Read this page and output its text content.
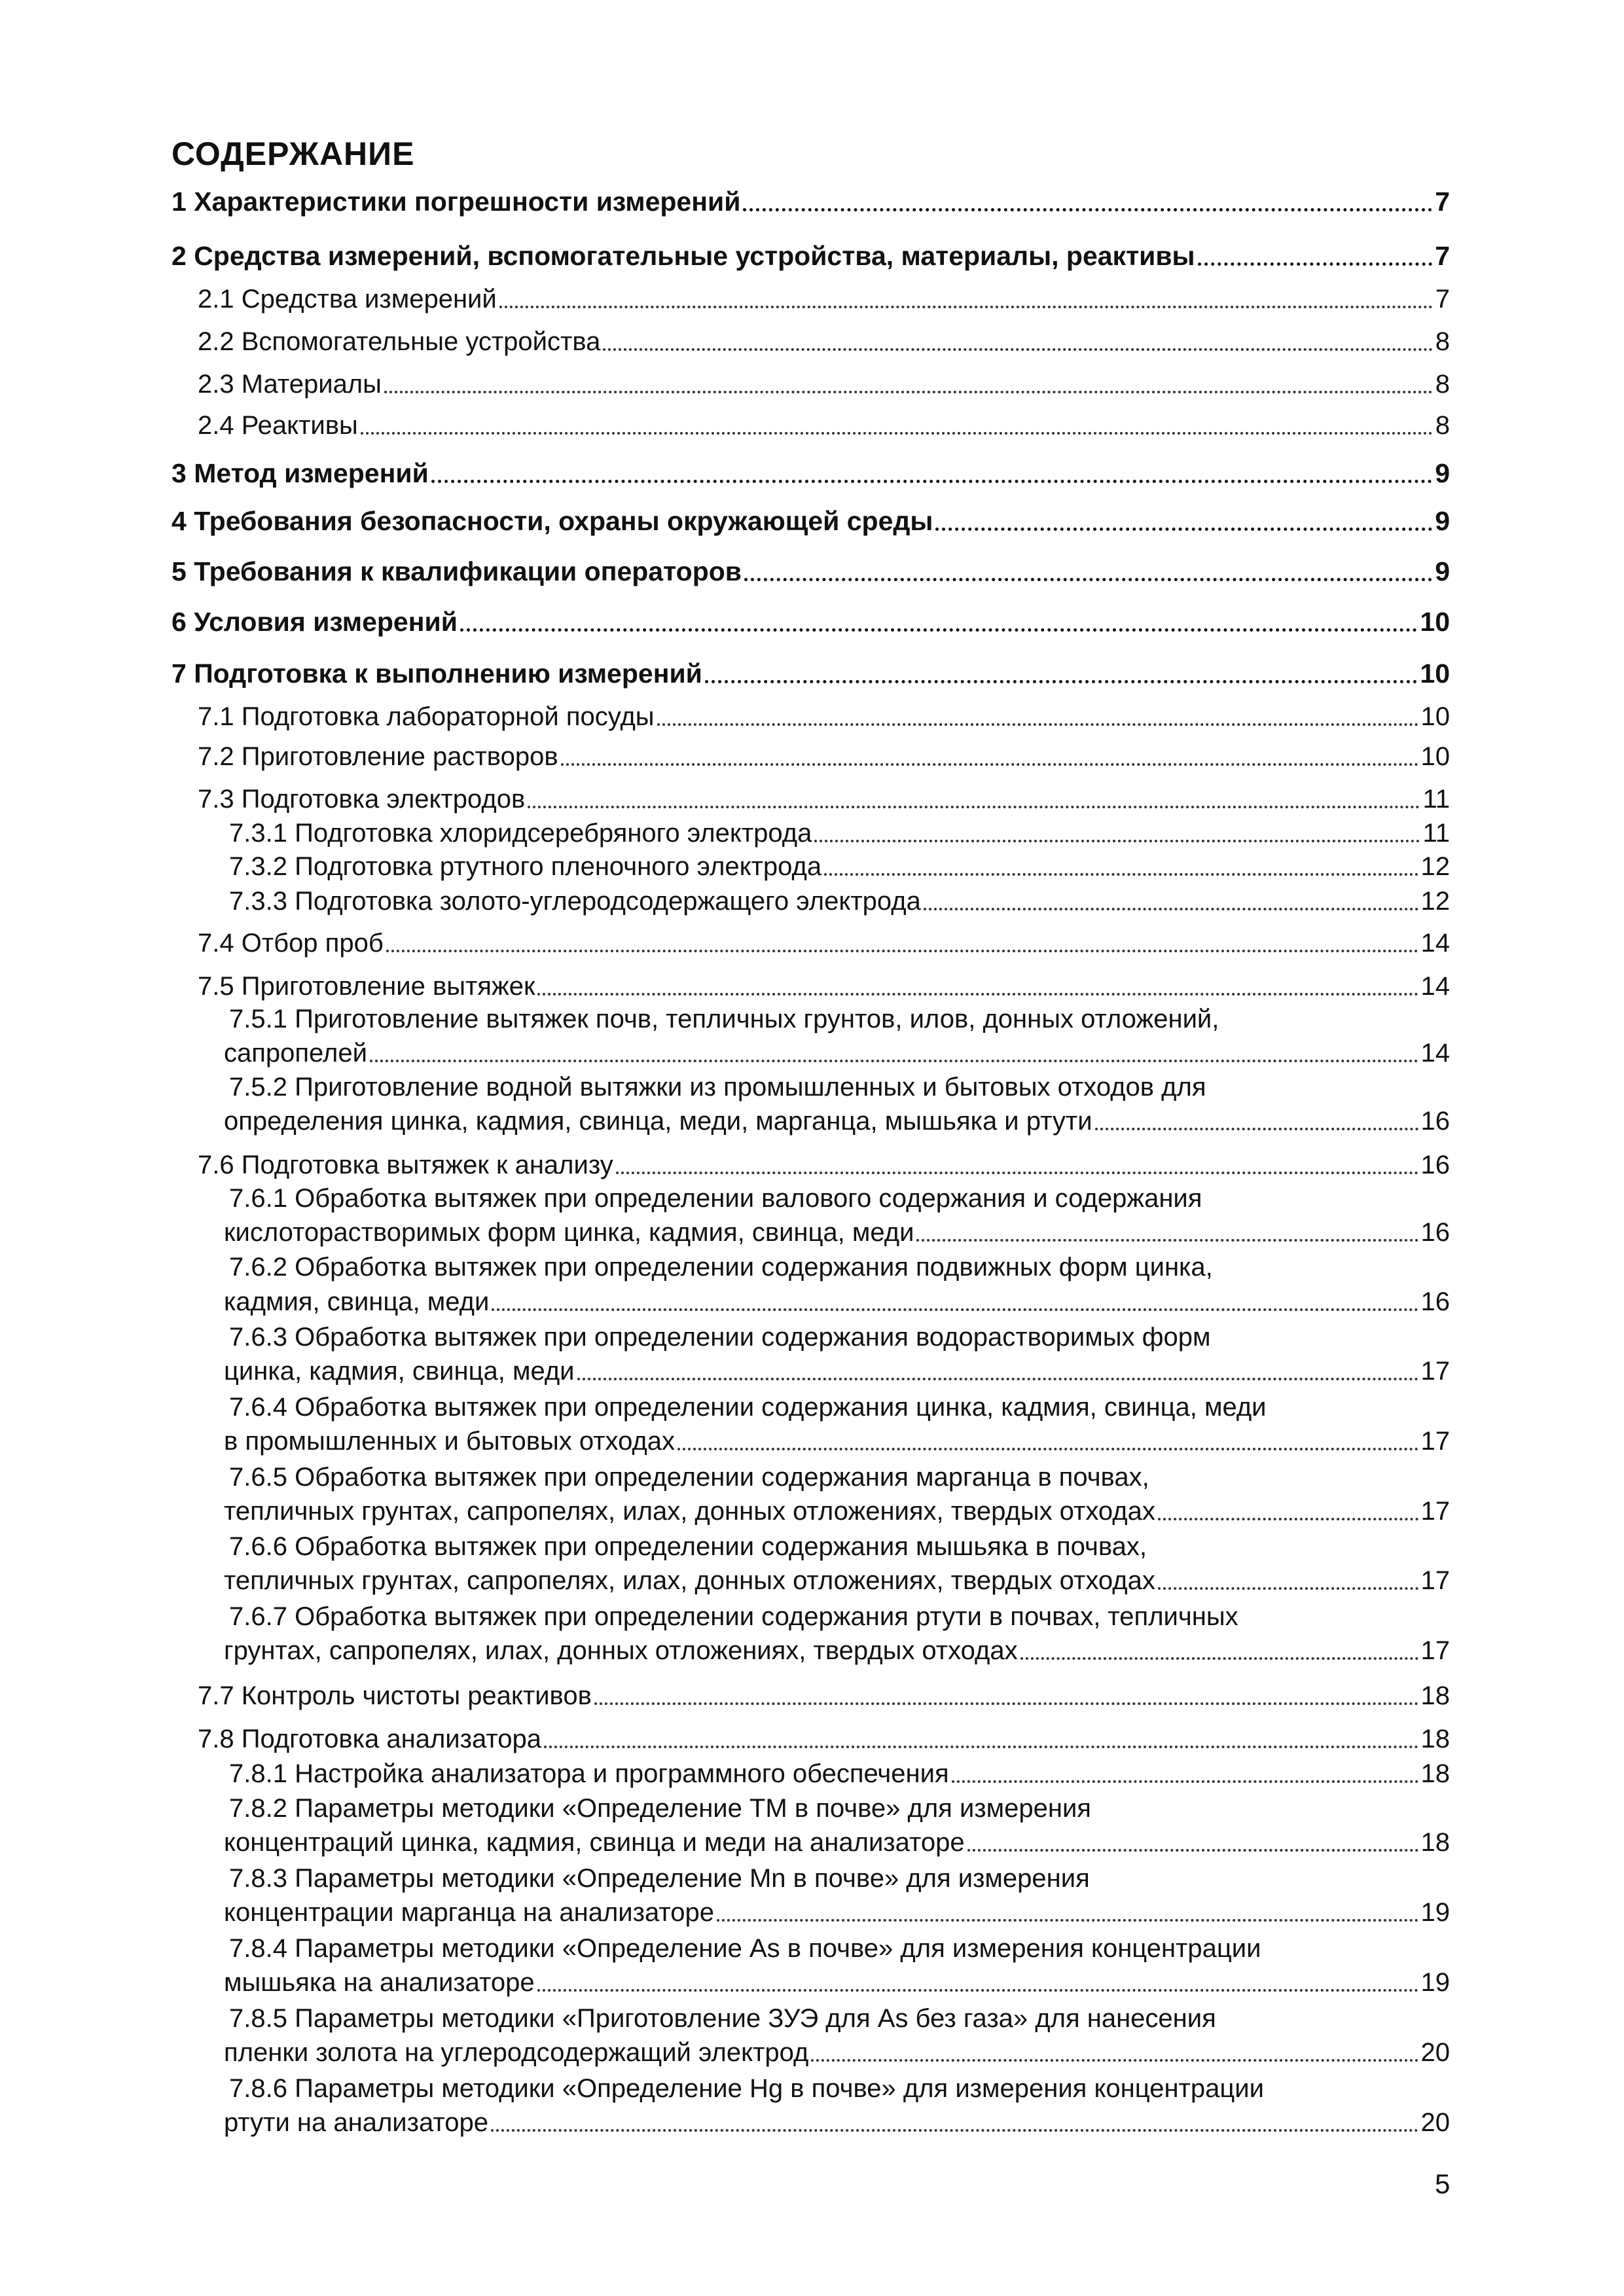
СОДЕРЖАНИЕ
1 Характеристики погрешности измерений	7
2 Средства измерений, вспомогательные устройства, материалы, реактивы	7
2.1 Средства измерений	7
2.2 Вспомогательные устройства	8
2.3 Материалы	8
2.4 Реактивы	8
3 Метод измерений	9
4 Требования безопасности, охраны окружающей среды	9
5 Требования к квалификации операторов	9
6 Условия измерений	10
7 Подготовка к выполнению измерений	10
7.1 Подготовка лабораторной посуды	10
7.2 Приготовление растворов	10
7.3 Подготовка электродов	11
7.3.1 Подготовка хлоридсеребряного электрода	11
7.3.2 Подготовка ртутного пленочного электрода	12
7.3.3 Подготовка золото-углеродсодержащего электрода	12
7.4 Отбор проб	14
7.5 Приготовление вытяжек	14
7.5.1 Приготовление вытяжек почв, тепличных грунтов, илов, донных отложений,
сапропелей	14
7.5.2 Приготовление водной вытяжки из промышленных и бытовых отходов для
определения цинка, кадмия, свинца, меди, марганца, мышьяка и ртути	16
7.6 Подготовка вытяжек к анализу	16
7.6.1 Обработка вытяжек при определении валового содержания и содержания
кислоторастворимых форм цинка, кадмия, свинца, меди	16
7.6.2 Обработка вытяжек при определении содержания подвижных форм цинка,
кадмия, свинца, меди	16
7.6.3 Обработка вытяжек при определении содержания водорастворимых форм
цинка, кадмия, свинца, меди	17
7.6.4 Обработка вытяжек при определении содержания цинка, кадмия, свинца, меди
в промышленных и бытовых отходах	17
7.6.5 Обработка вытяжек при определении содержания марганца в почвах,
тепличных грунтах, сапропелях, илах, донных отложениях, твердых отходах	17
7.6.6 Обработка вытяжек при определении содержания мышьяка в почвах,
тепличных грунтах, сапропелях, илах, донных отложениях, твердых отходах	17
7.6.7 Обработка вытяжек при определении содержания ртути в почвах, тепличных
грунтах, сапропелях, илах, донных отложениях, твердых отходах	17
7.7 Контроль чистоты реактивов	18
7.8 Подготовка анализатора	18
7.8.1 Настройка анализатора и программного обеспечения	18
7.8.2 Параметры методики «Определение ТМ в почве» для измерения
концентраций цинка, кадмия, свинца и меди на анализаторе	18
7.8.3 Параметры методики «Определение Mn в почве» для измерения
концентрации марганца на анализаторе	19
7.8.4 Параметры методики «Определение As в почве» для измерения концентрации
мышьяка на анализаторе	19
7.8.5 Параметры методики «Приготовление ЗУЭ для As без газа» для нанесения
пленки золота на углеродсодержащий электрод	20
7.8.6 Параметры методики «Определение Hg в почве» для измерения концентрации
ртути на анализаторе	20
5
